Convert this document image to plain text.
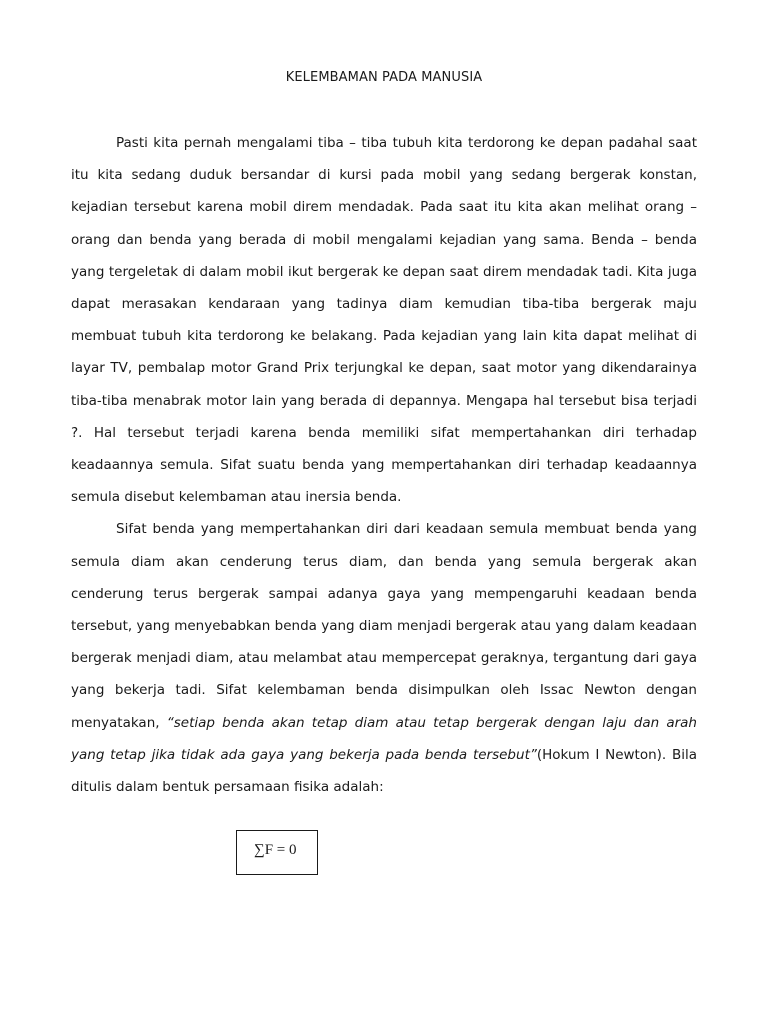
KELEMBAMAN PADA MANUSIA

Pasti kita pernah mengalami tiba – tiba tubuh kita terdorong ke depan padahal saat itu kita sedang duduk bersandar di kursi pada mobil yang sedang bergerak konstan, kejadian tersebut karena mobil direm mendadak. Pada saat itu kita akan melihat orang – orang dan benda yang berada di mobil mengalami kejadian yang sama. Benda – benda yang tergeletak di dalam mobil ikut bergerak ke depan saat direm mendadak tadi. Kita juga dapat merasakan kendaraan yang tadinya diam kemudian tiba-tiba bergerak maju membuat tubuh kita terdorong ke belakang. Pada kejadian yang lain kita dapat melihat di layar TV, pembalap motor Grand Prix terjungkal ke depan, saat motor yang dikendarainya tiba-tiba menabrak motor lain yang berada di depannya. Mengapa hal tersebut bisa terjadi ?. Hal tersebut terjadi karena benda memiliki sifat mempertahankan diri terhadap keadaannya semula. Sifat suatu benda yang mempertahankan diri terhadap keadaannya semula disebut kelembaman atau inersia benda.

Sifat benda yang mempertahankan diri dari keadaan semula membuat benda yang semula diam akan cenderung terus diam, dan benda yang semula bergerak akan cenderung terus bergerak sampai adanya gaya yang mempengaruhi keadaan benda tersebut, yang menyebabkan benda yang diam menjadi bergerak atau yang dalam keadaan bergerak menjadi diam, atau melambat atau mempercepat geraknya, tergantung dari gaya yang bekerja tadi. Sifat kelembaman benda disimpulkan oleh Issac Newton dengan menyatakan, “setiap benda akan tetap diam atau tetap bergerak dengan laju dan arah yang tetap jika tidak ada gaya yang bekerja pada benda tersebut”(Hokum I Newton). Bila ditulis dalam bentuk persamaan fisika adalah:

∑F = 0
